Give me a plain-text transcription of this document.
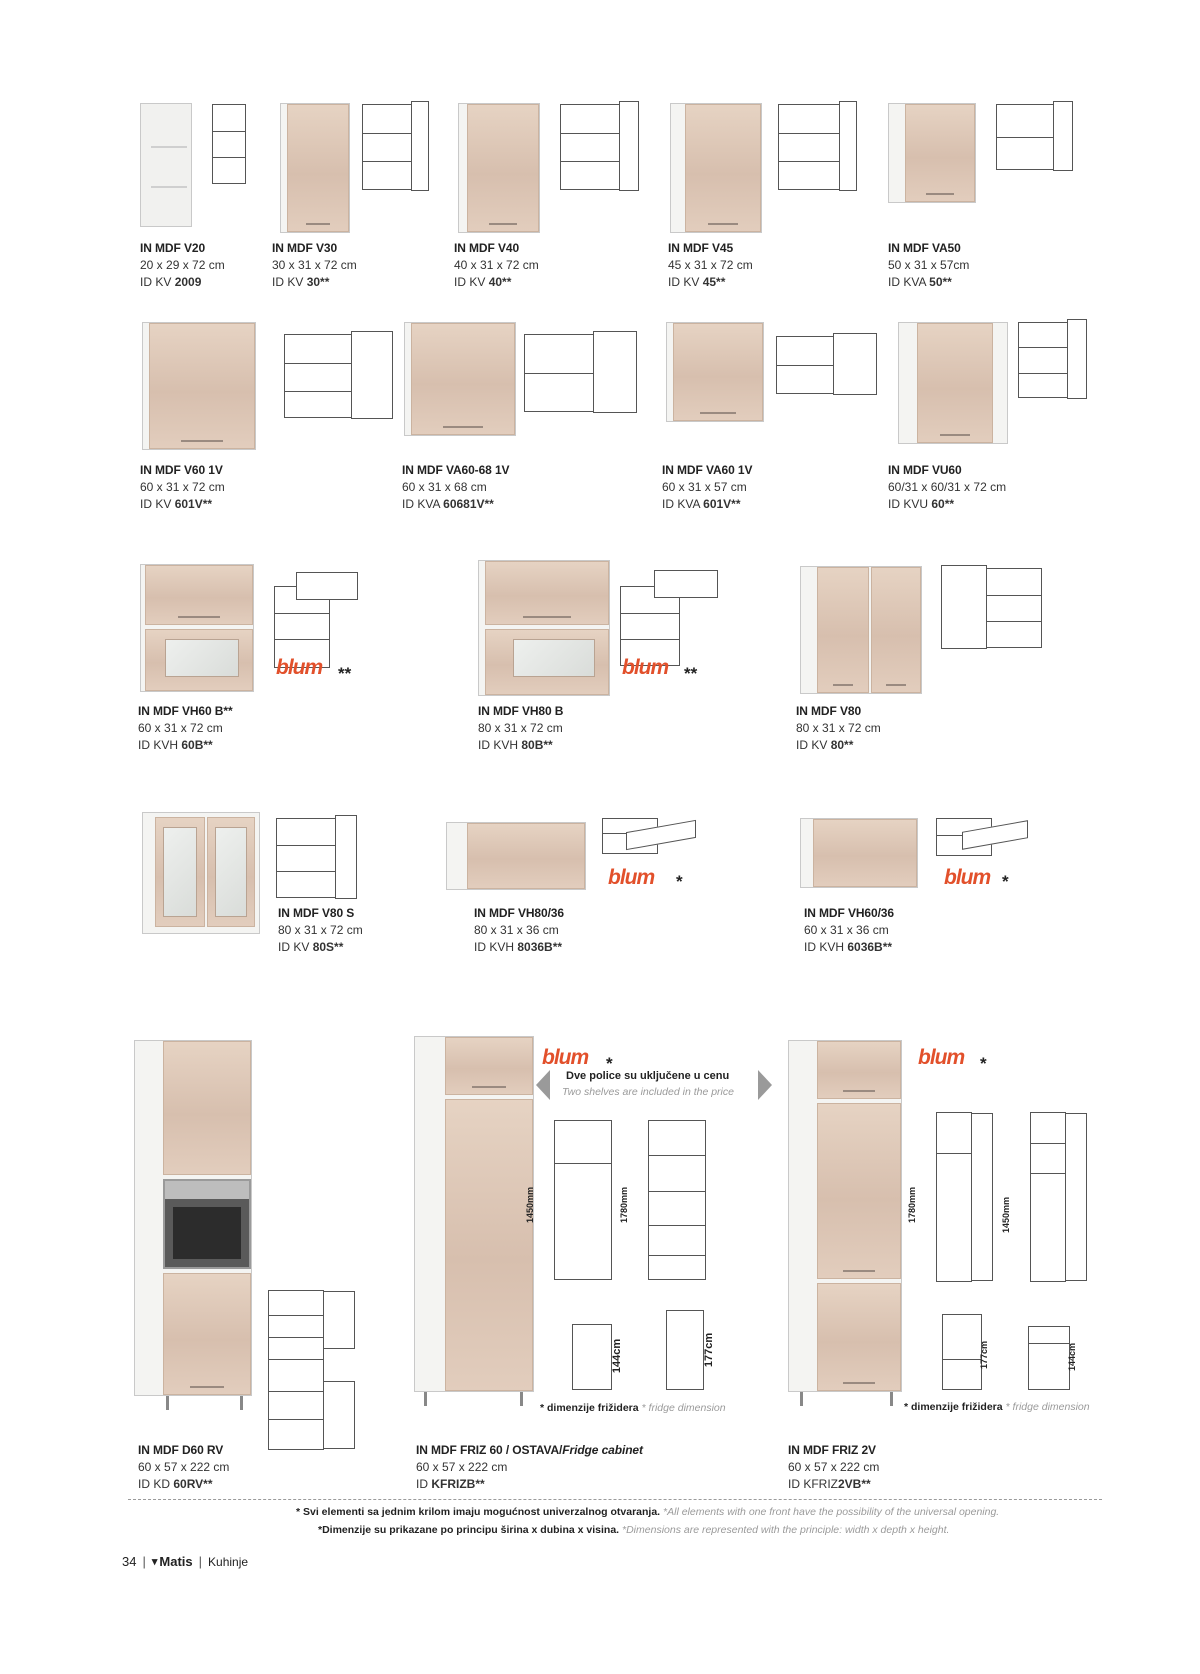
IN MDF V20
20 x 29 x 72 cm
ID KV 2009
IN MDF V30
30 x 31 x 72 cm
ID KV 30**
IN MDF V40
40 x 31 x 72 cm
ID KV 40**
IN MDF V45
45 x 31 x 72 cm
ID KV 45**
IN MDF VA50
50 x 31 x 57cm
ID KVA 50**
IN MDF V60 1V
60 x 31 x 72 cm
ID KV 601V**
IN MDF VA60-68 1V
60 x 31 x 68 cm
ID KVA 60681V**
IN MDF VA60 1V
60 x 31 x 57 cm
ID KVA 601V**
IN MDF VU60
60/31 x 60/31 x 72 cm
ID KVU 60**
blum **
IN MDF VH60 B**
60 x 31 x 72 cm
ID KVH 60B**
blum **
IN MDF VH80 B
80 x 31 x 72 cm
ID KVH 80B**
IN MDF V80
80 x 31 x 72 cm
ID KV 80**
IN MDF V80 S
80 x 31 x 72 cm
ID KV 80S**
blum *
IN MDF VH80/36
80 x 31 x 36 cm
ID KVH 8036B**
blum *
IN MDF VH60/36
60 x 31 x 36 cm
ID KVH 6036B**
IN MDF D60 RV
60 x 57 x 222 cm
ID KD 60RV**
IN MDF FRIZ 60 / OSTAVA/Fridge cabinet
60 x 57 x 222 cm
ID KFRIZB**
blum *
Dve police su uključene u cenu
Two shelves are included in the price
1450mm	1780mm
144cm	177cm
* dimenzije frižidera * fridge dimension
blum *
1780mm	1450mm
177cm	144cm
* dimenzije frižidera * fridge dimension
IN MDF FRIZ 2V
60 x 57 x 222 cm
ID KFRIZ2VB**
* Svi elementi sa jednim krilom imaju mogućnost univerzalnog otvaranja. *All elements with one front have the possibility of the universal opening.
*Dimenzije su prikazane po principu širina x dubina x visina. *Dimensions are represented with the principle: width x depth x height.
34 | ▾ Matis | Kuhinje
